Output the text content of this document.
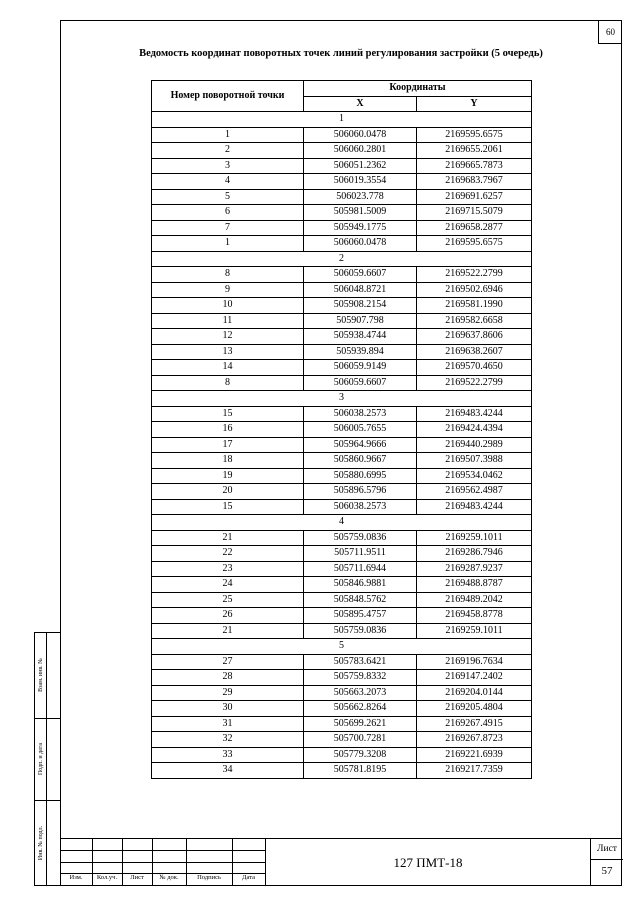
60
Взам. инв. №
Подп. и дата
Инв. № подл.
Ведомость координат поворотных точек линий регулирования застройки (5 очередь)
Номер поворотной точки	Координаты	
	X	Y
1		
1	506060.0478	2169595.6575
2	506060.2801	2169655.2061
3	506051.2362	2169665.7873
4	506019.3554	2169683.7967
5	506023.778	2169691.6257
6	505981.5009	2169715.5079
7	505949.1775	2169658.2877
1	506060.0478	2169595.6575
2		
8	506059.6607	2169522.2799
9	506048.8721	2169502.6946
10	505908.2154	2169581.1990
11	505907.798	2169582.6658
12	505938.4744	2169637.8606
13	505939.894	2169638.2607
14	506059.9149	2169570.4650
8	506059.6607	2169522.2799
3		
15	506038.2573	2169483.4244
16	506005.7655	2169424.4394
17	505964.9666	2169440.2989
18	505860.9667	2169507.3988
19	505880.6995	2169534.0462
20	505896.5796	2169562.4987
15	506038.2573	2169483.4244
4		
21	505759.0836	2169259.1011
22	505711.9511	2169286.7946
23	505711.6944	2169287.9237
24	505846.9881	2169488.8787
25	505848.5762	2169489.2042
26	505895.4757	2169458.8778
21	505759.0836	2169259.1011
5		
27	505783.6421	2169196.7634
28	505759.8332	2169147.2402
29	505663.2073	2169204.0144
30	505662.8264	2169205.4804
31	505699.2621	2169267.4915
32	505700.7281	2169267.8723
33	505779.3208	2169221.6939
34	505781.8195	2169217.7359
Изм.	Кол.уч.	Лист	№ док.	Подпись	Дата
127 ПМТ-18
Лист
57
